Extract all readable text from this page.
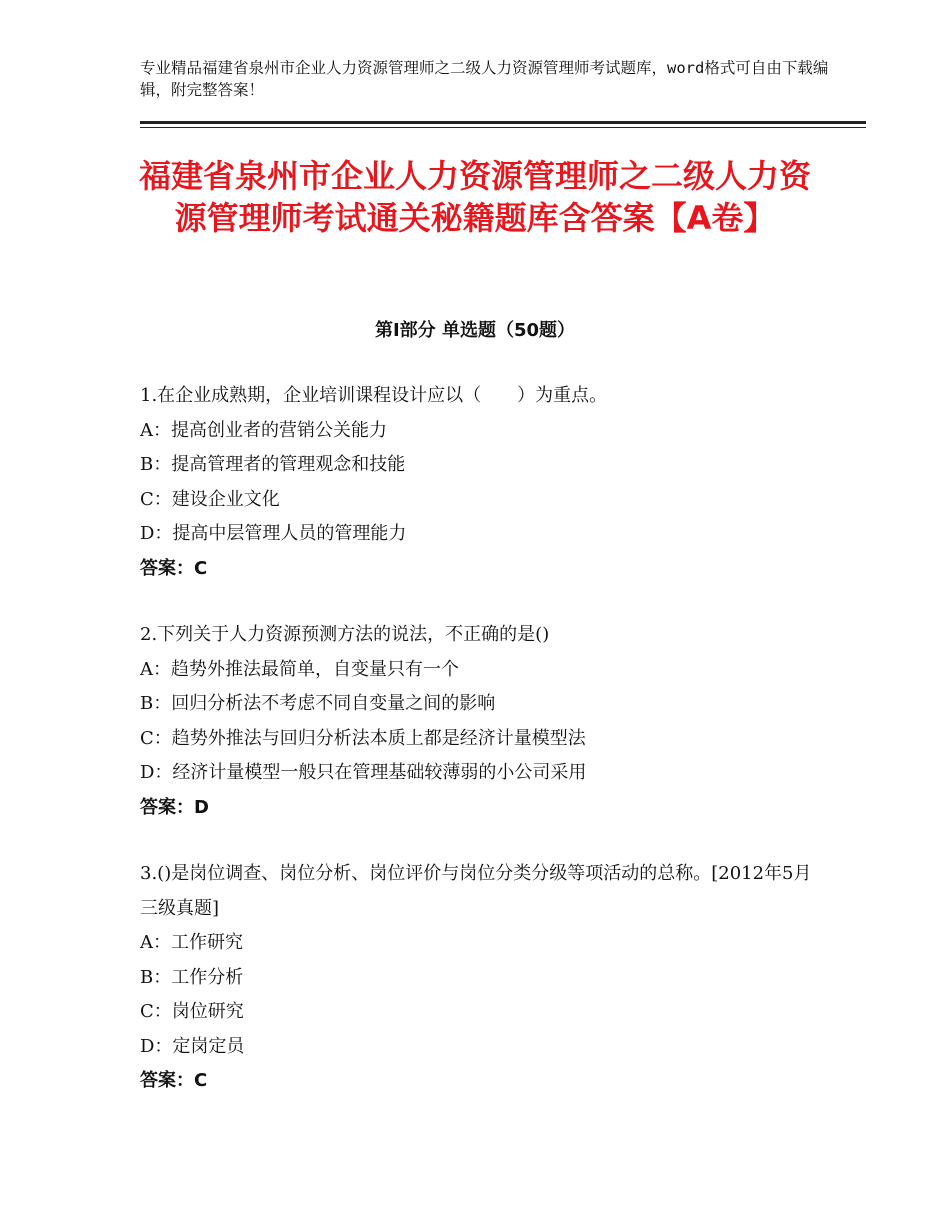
专业精品福建省泉州市企业人力资源管理师之二级人力资源管理师考试题库，word格式可自由下载编辑，附完整答案！
福建省泉州市企业人力资源管理师之二级人力资源管理师考试通关秘籍题库含答案【A卷】
第Ⅰ部分 单选题（50题）
1.在企业成熟期，企业培训课程设计应以（　　）为重点。
A：提高创业者的营销公关能力
B：提高管理者的管理观念和技能
C：建设企业文化
D：提高中层管理人员的管理能力
答案：C
2.下列关于人力资源预测方法的说法，不正确的是()
A：趋势外推法最简单，自变量只有一个
B：回归分析法不考虑不同自变量之间的影响
C：趋势外推法与回归分析法本质上都是经济计量模型法
D：经济计量模型一般只在管理基础较薄弱的小公司采用
答案：D
3.()是岗位调查、岗位分析、岗位评价与岗位分类分级等项活动的总称。[2012年5月三级真题]
A：工作研究
B：工作分析
C：岗位研究
D：定岗定员
答案：C
